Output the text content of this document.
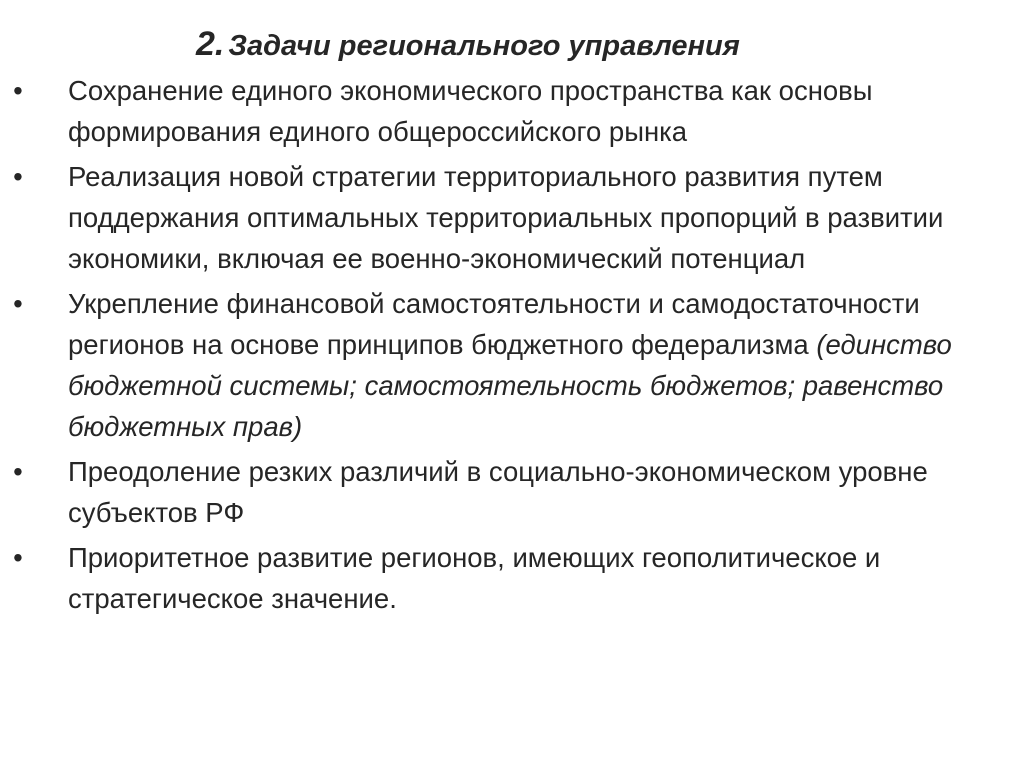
2. Задачи регионального управления
• Сохранение единого экономического пространства как основы формирования единого общероссийского рынка
• Реализация новой стратегии территориального развития путем поддержания оптимальных территориальных пропорций в развитии экономики, включая ее военно-экономический потенциал
• Укрепление финансовой самостоятельности и самодостаточности регионов на основе принципов бюджетного федерализма (единство бюджетной системы; самостоятельность бюджетов; равенство бюджетных прав)
• Преодоление резких различий в социально-экономическом уровне субъектов РФ
• Приоритетное развитие регионов, имеющих геополитическое и стратегическое значение.
